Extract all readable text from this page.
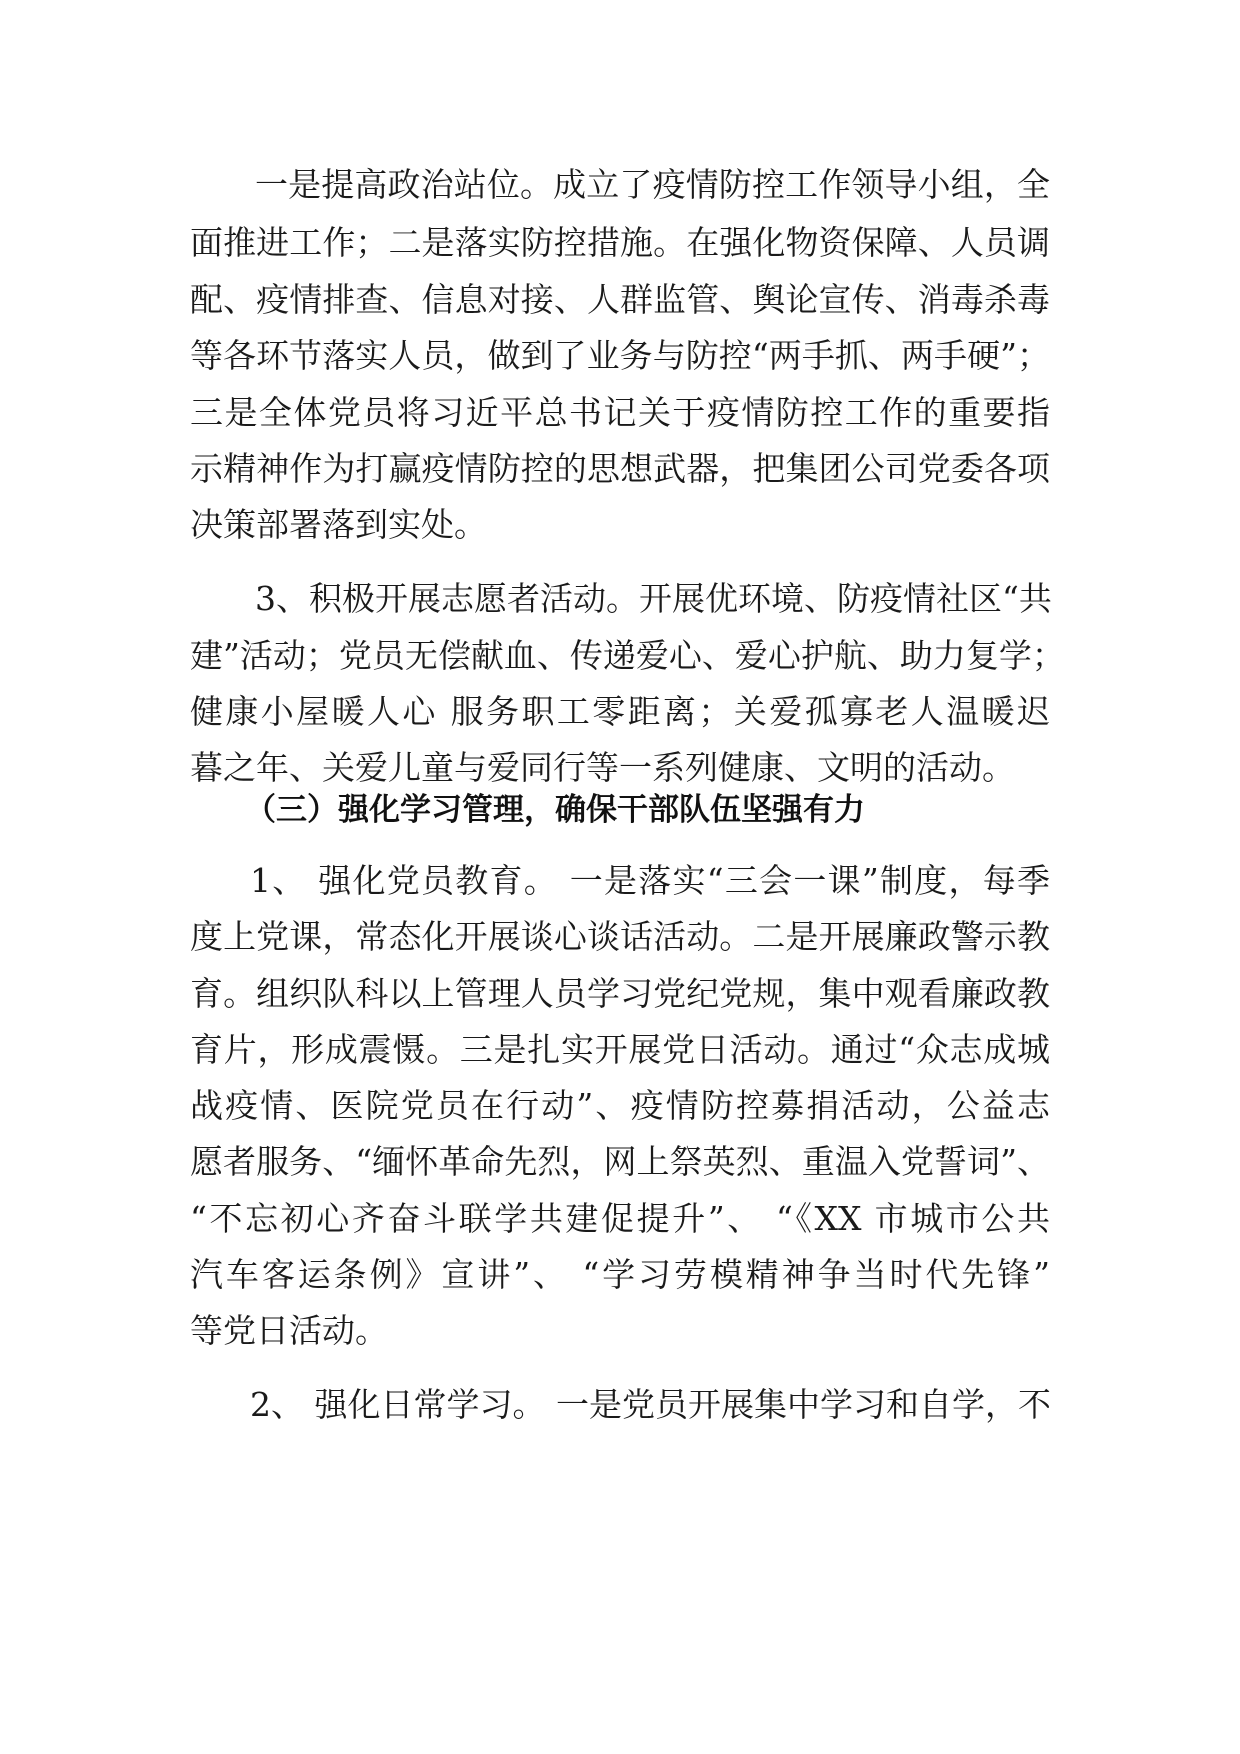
一是提高政治站位。成立了疫情防控工作领导小组，全

面推进工作；二是落实防控措施。在强化物资保障、人员调

配、疫情排查、信息对接、人群监管、舆论宣传、消毒杀毒

等各环节落实人员，做到了业务与防控“两手抓、两手硬”；

三是全体党员将习近平总书记关于疫情防控工作的重要指

示精神作为打赢疫情防控的思想武器，把集团公司党委各项

决策部署落到实处。

3、积极开展志愿者活动。开展优环境、防疫情社区“共

建”活动；党员无偿献血、传递爱心、爱心护航、助力复学；

健康小屋暖人心 服务职工零距离；关爱孤寡老人温暖迟

暮之年、关爱儿童与爱同行等一系列健康、文明的活动。

（三）强化学习管理，确保干部队伍坚强有力

1、 强化党员教育。 一是落实“三会一课”制度，每季

度上党课，常态化开展谈心谈话活动。二是开展廉政警示教

育。组织队科以上管理人员学习党纪党规，集中观看廉政教

育片，形成震慑。三是扎实开展党日活动。通过“众志成城

战疫情、医院党员在行动”、疫情防控募捐活动，公益志

愿者服务、“缅怀革命先烈，网上祭英烈、重温入党誓词”、

“不忘初心齐奋斗联学共建促提升”、 “《XX 市城市公共

汽车客运条例》宣讲”、 “学习劳模精神争当时代先锋”

等党日活动。

2、 强化日常学习。 一是党员开展集中学习和自学，不
